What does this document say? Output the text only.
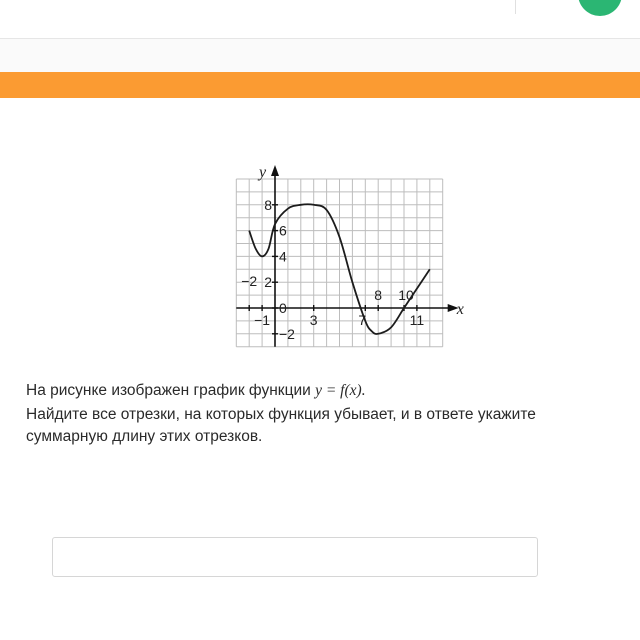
−2
−1	3	7
8 10
11
8
6
4
2
0
−2
x
y

На рисунке изображен график функции y = f(x).

Найдите все отрезки, на которых функция убывает, и в ответе укажите

суммарную длину этих отрезков.
